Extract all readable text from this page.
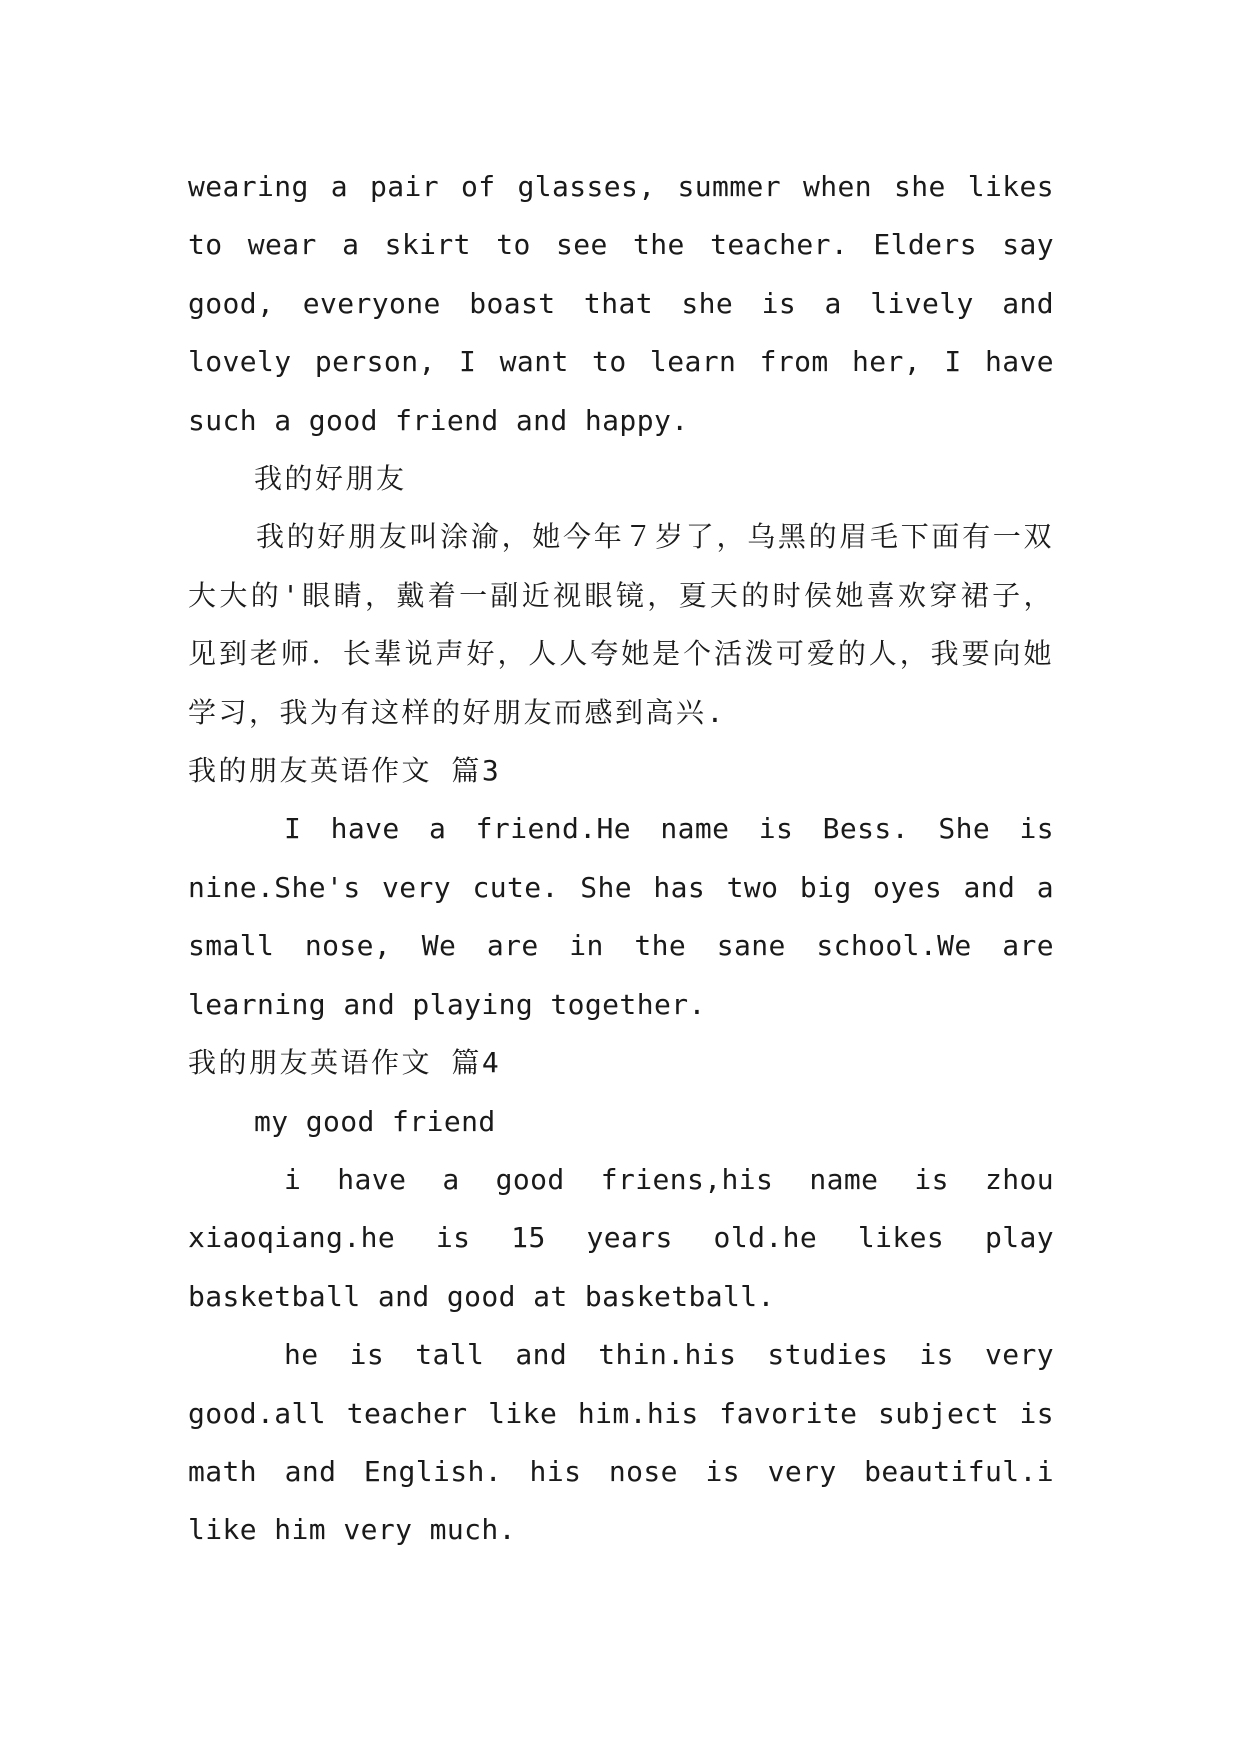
wearing a pair of glasses, summer when she likes to wear a skirt to see the teacher. Elders say good, everyone boast that she is a lively and lovely person, I want to learn from her, I have such a good friend and happy.

我的好朋友

我的好朋友叫涂渝，她今年７岁了，乌黑的眉毛下面有一双大大的'眼睛，戴着一副近视眼镜，夏天的时侯她喜欢穿裙子，见到老师．长辈说声好，人人夸她是个活泼可爱的人，我要向她学习，我为有这样的好朋友而感到高兴.

我的朋友英语作文 篇3

I have a friend.He name is Bess. She is nine.She's very cute. She has two big oyes and a small nose, We are in the sane school.We are learning and playing together.

我的朋友英语作文 篇4

my good friend

i have a good friens,his name is zhou xiaoqiang.he is 15 years old.he likes play basketball and good at basketball.

he is tall and thin.his studies is very good.all teacher like him.his favorite subject is math and English. his nose is very beautiful.i like him very much.
